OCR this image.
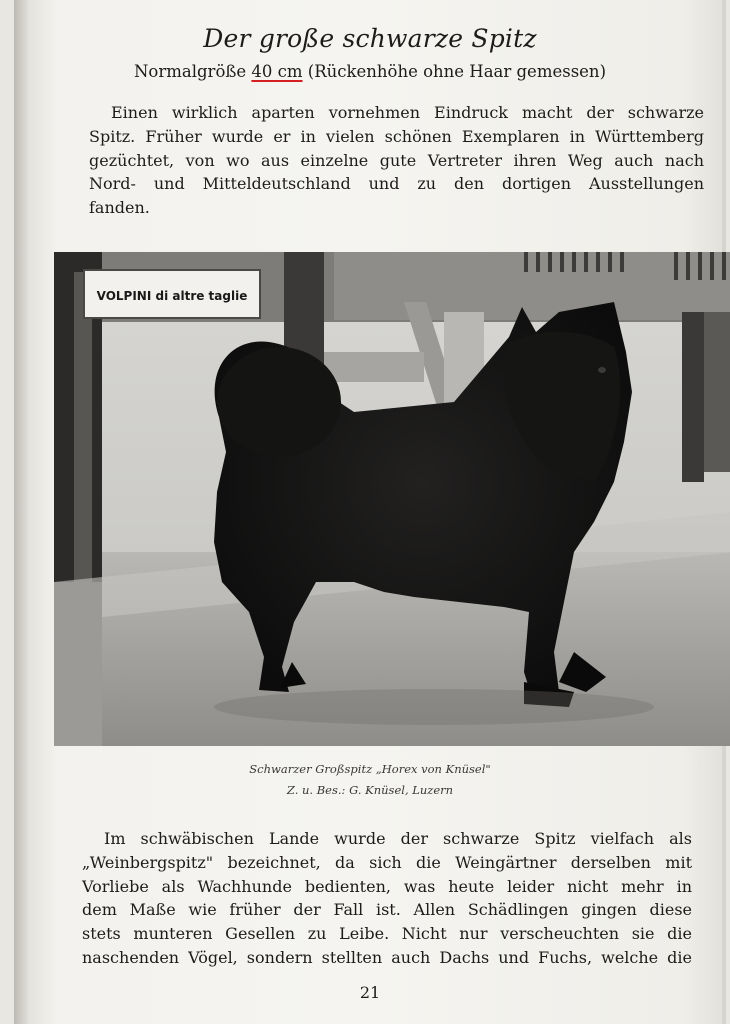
Der große schwarze Spitz
Normalgröße 40 cm (Rückenhöhe ohne Haar gemessen)
Einen wirklich aparten vornehmen Eindruck macht der schwarze
Spitz. Früher wurde er in vielen schönen Exemplaren in Württemberg
gezüchtet, von wo aus einzelne gute Vertreter ihren Weg auch nach
Nord- und Mitteldeutschland und zu den dortigen Ausstellungen
fanden.
VOLPINI di altre taglie
Schwarzer Großspitz „Horex von Knüsel"
Z. u. Bes.: G. Knüsel, Luzern
Im schwäbischen Lande wurde der schwarze Spitz vielfach als
„Weinbergspitz" bezeichnet, da sich die Weingärtner derselben mit
Vorliebe als Wachhunde bedienten, was heute leider nicht mehr in
dem Maße wie früher der Fall ist. Allen Schädlingen gingen diese
stets munteren Gesellen zu Leibe. Nicht nur verscheuchten sie die
naschenden Vögel, sondern stellten auch Dachs und Fuchs, welche die
21
